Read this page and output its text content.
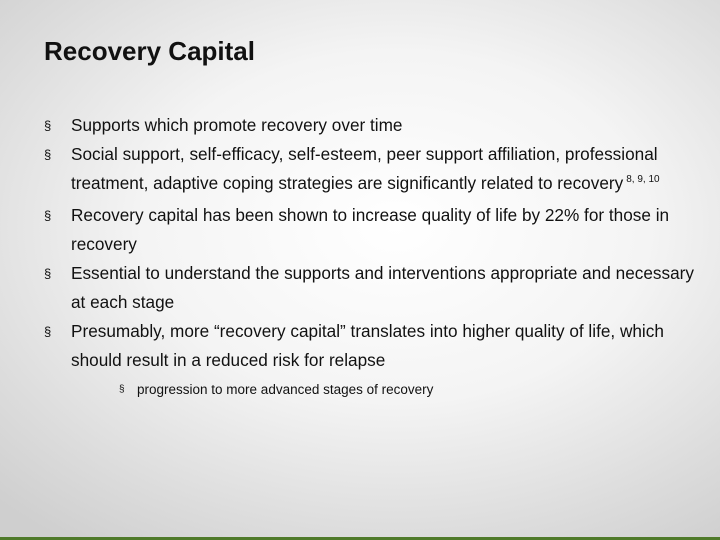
Recovery Capital
§ Supports which promote recovery over time
§ Social support, self-efficacy, self-esteem, peer support affiliation, professional treatment, adaptive coping strategies are significantly related to recovery $^{8, 9, 10}$
§ Recovery capital has been shown to increase quality of life by 22% for those in recovery
§ Essential to understand the supports and interventions appropriate and necessary at each stage
§ Presumably, more “recovery capital” translates into higher quality of life, which should result in a reduced risk for relapse
§ progression to more advanced stages of recovery
